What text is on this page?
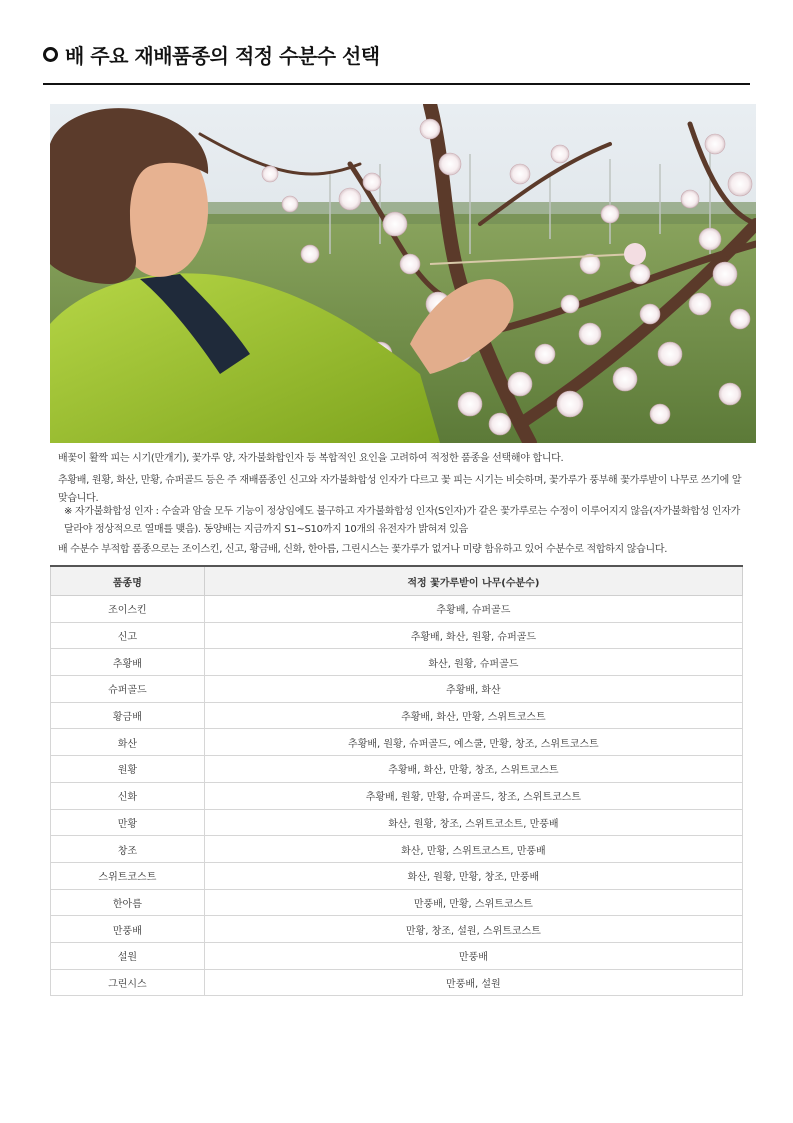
배 주요 재배품종의 적정 수분수 선택
배꽃이 활짝 피는 시기(만개기), 꽃가루 양, 자가불화합인자 등 복합적인 요인을 고려하여 적정한 품종을 선택해야 합니다.
추황배, 원황, 화산, 만황, 슈퍼골드 등은 주 재배품종인 신고와 자가불화합성 인자가 다르고 꽃 피는 시기는 비슷하며, 꽃가루가 풍부해 꽃가루받이 나무로 쓰기에 알맞습니다.
※ 자가불화합성 인자 : 수술과 암술 모두 기능이 정상임에도 불구하고 자가불화합성 인자(S인자)가 같은 꽃가루로는 수정이 이루어지지 않음(자가불화합성 인자가 달라야 정상적으로 열매를 맺음). 동양배는 지금까지 S1~S10까지 10개의 유전자가 밝혀져 있음
배 수분수 부적합 품종으로는 조이스킨, 신고, 황금배, 신화, 한아름, 그린시스는 꽃가루가 없거나 미량 함유하고 있어 수분수로 적합하지 않습니다.
품종명	적정 꽃가루받이 나무(수분수)
조이스킨	추황배, 슈퍼골드
신고	추황배, 화산, 원황, 슈퍼골드
추황배	화산, 원황, 슈퍼골드
슈퍼골드	추황배, 화산
황금배	추황배, 화산, 만황, 스위트코스트
화산	추황배, 원황, 슈퍼골드, 예스쿨, 만황, 창조, 스위트코스트
원황	추황배, 화산, 만황, 창조, 스위트코스트
신화	추황배, 원황, 만황, 슈퍼골드, 창조, 스위트코스트
만황	화산, 원황, 창조, 스위트코소트, 만풍배
창조	화산, 만황, 스위트코스트, 만풍배
스위트코스트	화산, 원황, 만황, 창조, 만풍배
한아름	만풍배, 만황, 스위트코스트
만풍배	만황, 창조, 설원, 스위트코스트
설원	만풍배
그린시스	만풍배, 설원
